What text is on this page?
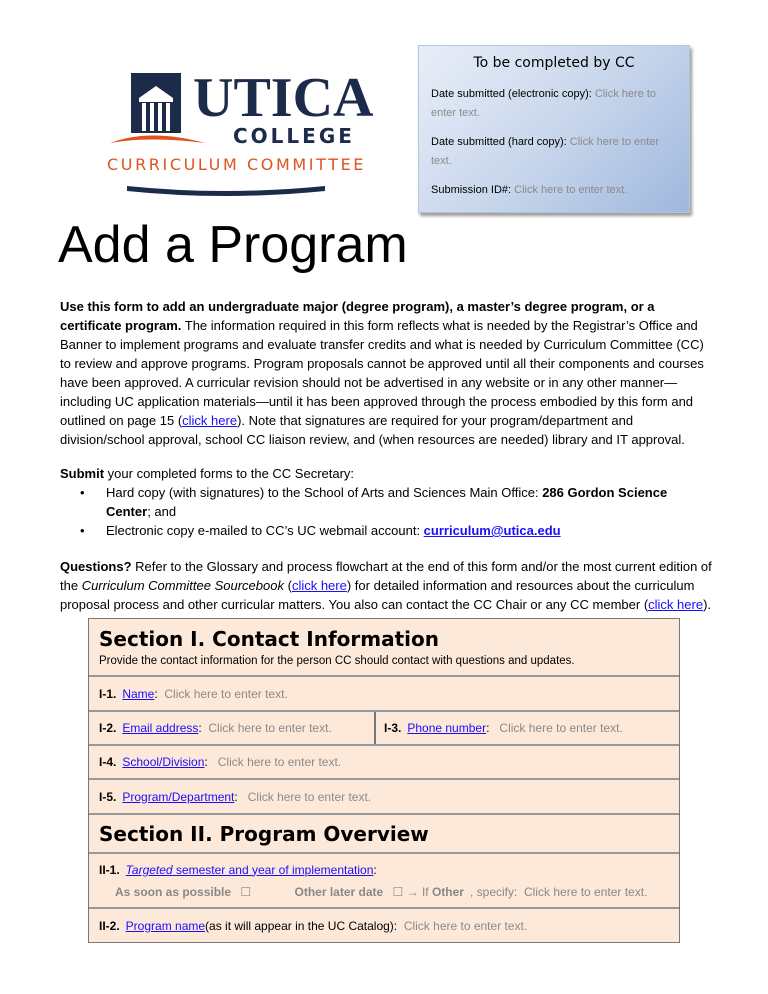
UTICA
COLLEGE
CURRICULUM COMMITTEE
To be completed by CC

Date submitted (electronic copy): Click here to enter text.

Date submitted (hard copy): Click here to enter text.

Submission ID#: Click here to enter text.

Add a Program

Use this form to add an undergraduate major (degree program), a master’s degree program, or a certificate program. The information required in this form reflects what is needed by the Registrar’s Office and Banner to implement programs and evaluate transfer credits and what is needed by Curriculum Committee (CC) to review and approve programs. Program proposals cannot be approved until all their components and courses have been approved. A curricular revision should not be advertised in any website or in any other manner—including UC application materials—until it has been approved through the process embodied by this form and outlined on page 15 (click here). Note that signatures are required for your program/department and division/school approval, school CC liaison review, and (when resources are needed) library and IT approval.

Submit your completed forms to the CC Secretary:

• Hard copy (with signatures) to the School of Arts and Sciences Main Office: 286 Gordon Science Center; and
• Electronic copy e-mailed to CC’s UC webmail account: curriculum@utica.edu

Questions? Refer to the Glossary and process flowchart at the end of this form and/or the most current edition of the Curriculum Committee Sourcebook (click here) for detailed information and resources about the curriculum proposal process and other curricular matters. You also can contact the CC Chair or any CC member (click here).

Section I. Contact Information
Provide the contact information for the person CC should contact with questions and updates.
I-1. Name : Click here to enter text.
I-2. Email address : Click here to enter text.	I-3. Phone number : Click here to enter text.
I-4. School/Division : Click here to enter text.
I-5. Program/Department : Click here to enter text.
Section II. Program Overview
II-1. Targeted semester and year of implementation:
As soon as possible ☐	Other later date ☐ → If Other , specify: Click here to enter text.
II-2. Program name (as it will appear in the UC Catalog) : Click here to enter text.
